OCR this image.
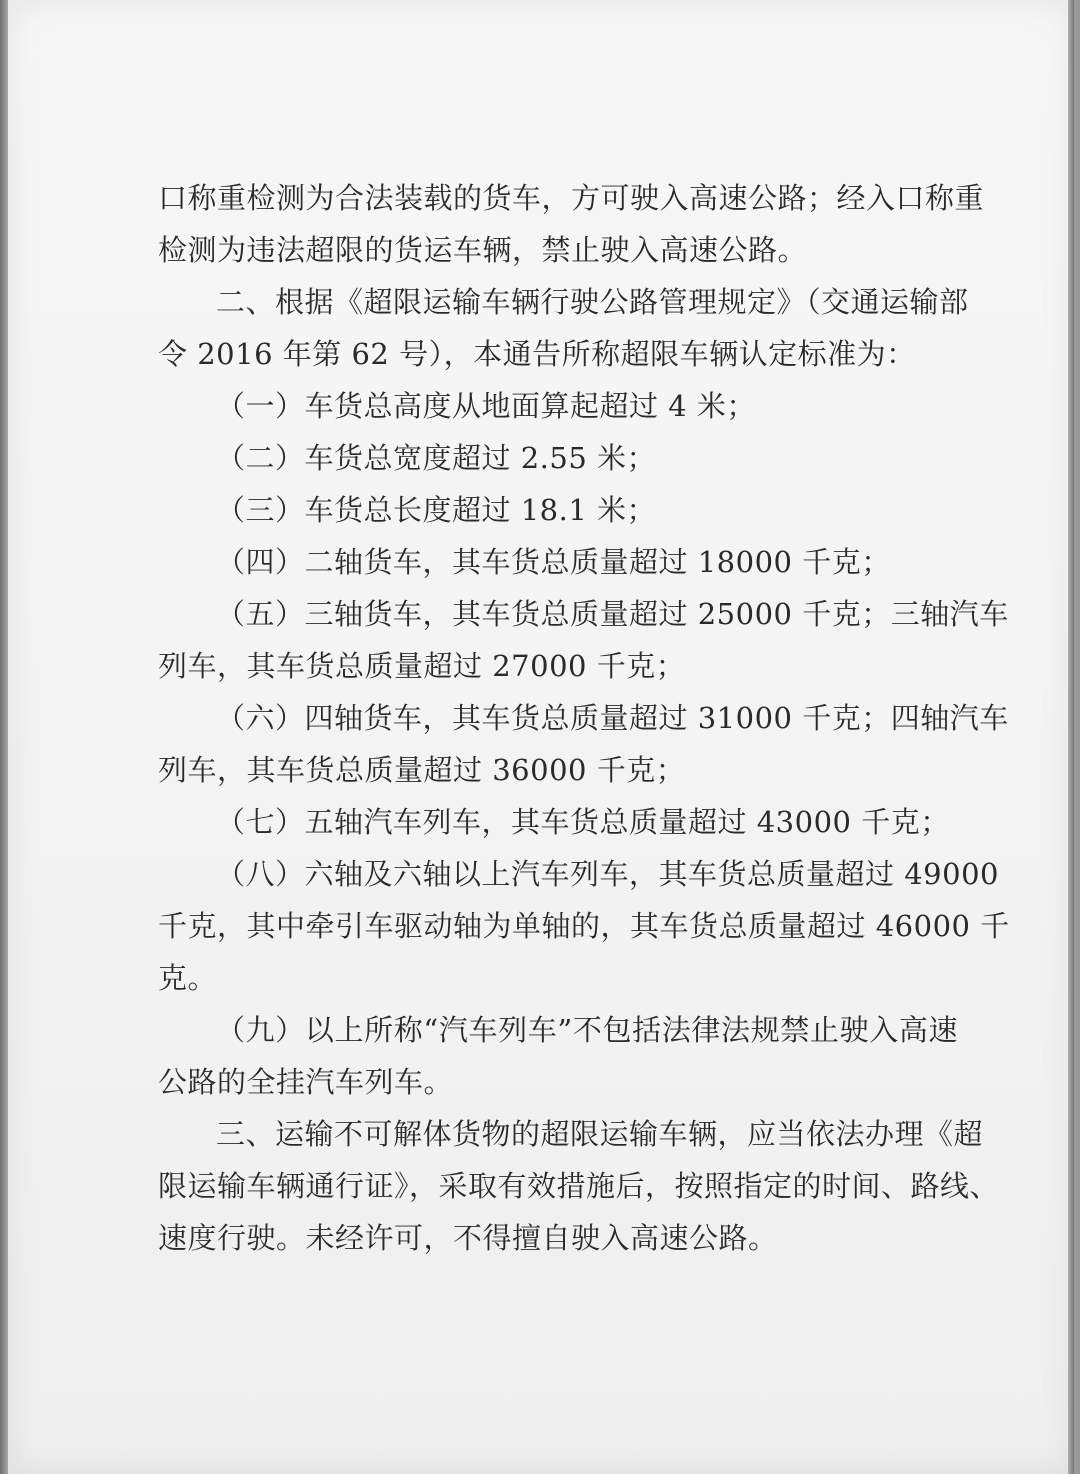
口称重检测为合法装载的货车，方可驶入高速公路；经入口称重
检测为违法超限的货运车辆，禁止驶入高速公路。
二、根据《超限运输车辆行驶公路管理规定》（交通运输部
令 2016 年第 62 号），本通告所称超限车辆认定标准为：
（一）车货总高度从地面算起超过 4 米；
（二）车货总宽度超过 2.55 米；
（三）车货总长度超过 18.1 米；
（四）二轴货车，其车货总质量超过 18000 千克；
（五）三轴货车，其车货总质量超过 25000 千克；三轴汽车
列车，其车货总质量超过 27000 千克；
（六）四轴货车，其车货总质量超过 31000 千克；四轴汽车
列车，其车货总质量超过 36000 千克；
（七）五轴汽车列车，其车货总质量超过 43000 千克；
（八）六轴及六轴以上汽车列车，其车货总质量超过 49000
千克，其中牵引车驱动轴为单轴的，其车货总质量超过 46000 千
克。
（九）以上所称“汽车列车”不包括法律法规禁止驶入高速
公路的全挂汽车列车。
三、运输不可解体货物的超限运输车辆，应当依法办理《超
限运输车辆通行证》，采取有效措施后，按照指定的时间、路线、
速度行驶。未经许可，不得擅自驶入高速公路。
